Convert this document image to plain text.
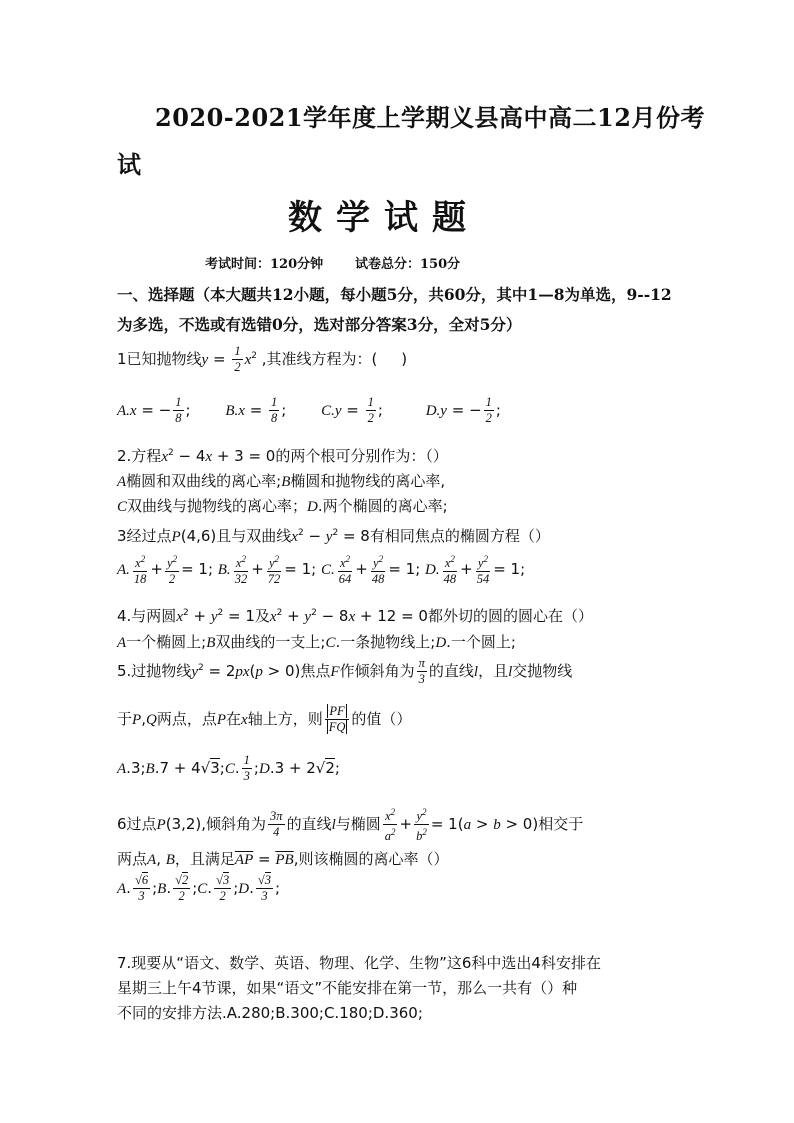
2020-2021学年度上学期义县高中高二12月份考
试
数学试题
考试时间：120分钟 试卷总分：150分
一、选择题（本大题共12小题，每小题5分，共60分，其中1—8为单选，9--12
为多选，不选或有选错0分，选对部分答案3分，全对5分）
1已知抛物线$y = \frac{1}{2} x^2$ ,其准线方程为：(     )
A.x = − $\frac{1}{8}$ ; $B.x = \frac{1}{8}$ ; $C.y = \frac{1}{2}$ ;	D.y = − $\frac{1}{2}$ ;
2.方程$x^2 - 4x + 3 = 0$的两个根可分别作为：（）
A椭圆和双曲线的离心率;B椭圆和抛物线的离心率,
C双曲线与抛物线的离心率；D.两个椭圆的离心率;
3经过点P(4,6)且与双曲线$x^2 - y^2 = 8$有相同焦点的椭圆方程（）
A. $\frac{x^2}{18} + \frac{y^2}{2} = 1$; B. $\frac{x^2}{32} + \frac{y^2}{72} = 1$; C. $\frac{x^2}{64} + \frac{y^2}{48} = 1$; D. $\frac{x^2}{48} + \frac{y^2}{54} = 1$;
4.与两圆$x^2 + y^2 = 1$及$x^2 + y^2 - 8x + 12 = 0$都外切的圆的圆心在（）
A一个椭圆上;B双曲线的一支上;C.一条抛物线上;D.一个圆上;
5.过抛物线$y^2 = 2px(p > 0)$焦点F作倾斜角为 $\frac{\pi}{3}$ 的直线l，且l交抛物线
于P,Q两点，点P在x轴上方，则 $\frac{PF}{FQ}$ 的值（）
A.3;B.7 + 4√3;C. $\frac{1}{3}$ ;D.3 + 2√2;
6过点P(3,2),倾斜角为 $\frac{3\pi}{4}$ 的直线l与椭圆 $\frac{x^2}{a^2} + \frac{y^2}{b^2} = 1(a > b > 0)$相交于
两点A, B，且满足$\overline{AP} = \overline{PB}$,则该椭圆的离心率（）
A. $\frac{√6}{3}$ ;B. $\frac{√2}{2}$ ;C. $\frac{√3}{2}$ ;D. $\frac{√3}{3}$ ;
7.现要从“语文、数学、英语、物理、化学、生物”这6科中选出4科安排在
星期三上午4节课，如果“语文”不能安排在第一节，那么一共有（）种
不同的安排方法.A.280;B.300;C.180;D.360;
